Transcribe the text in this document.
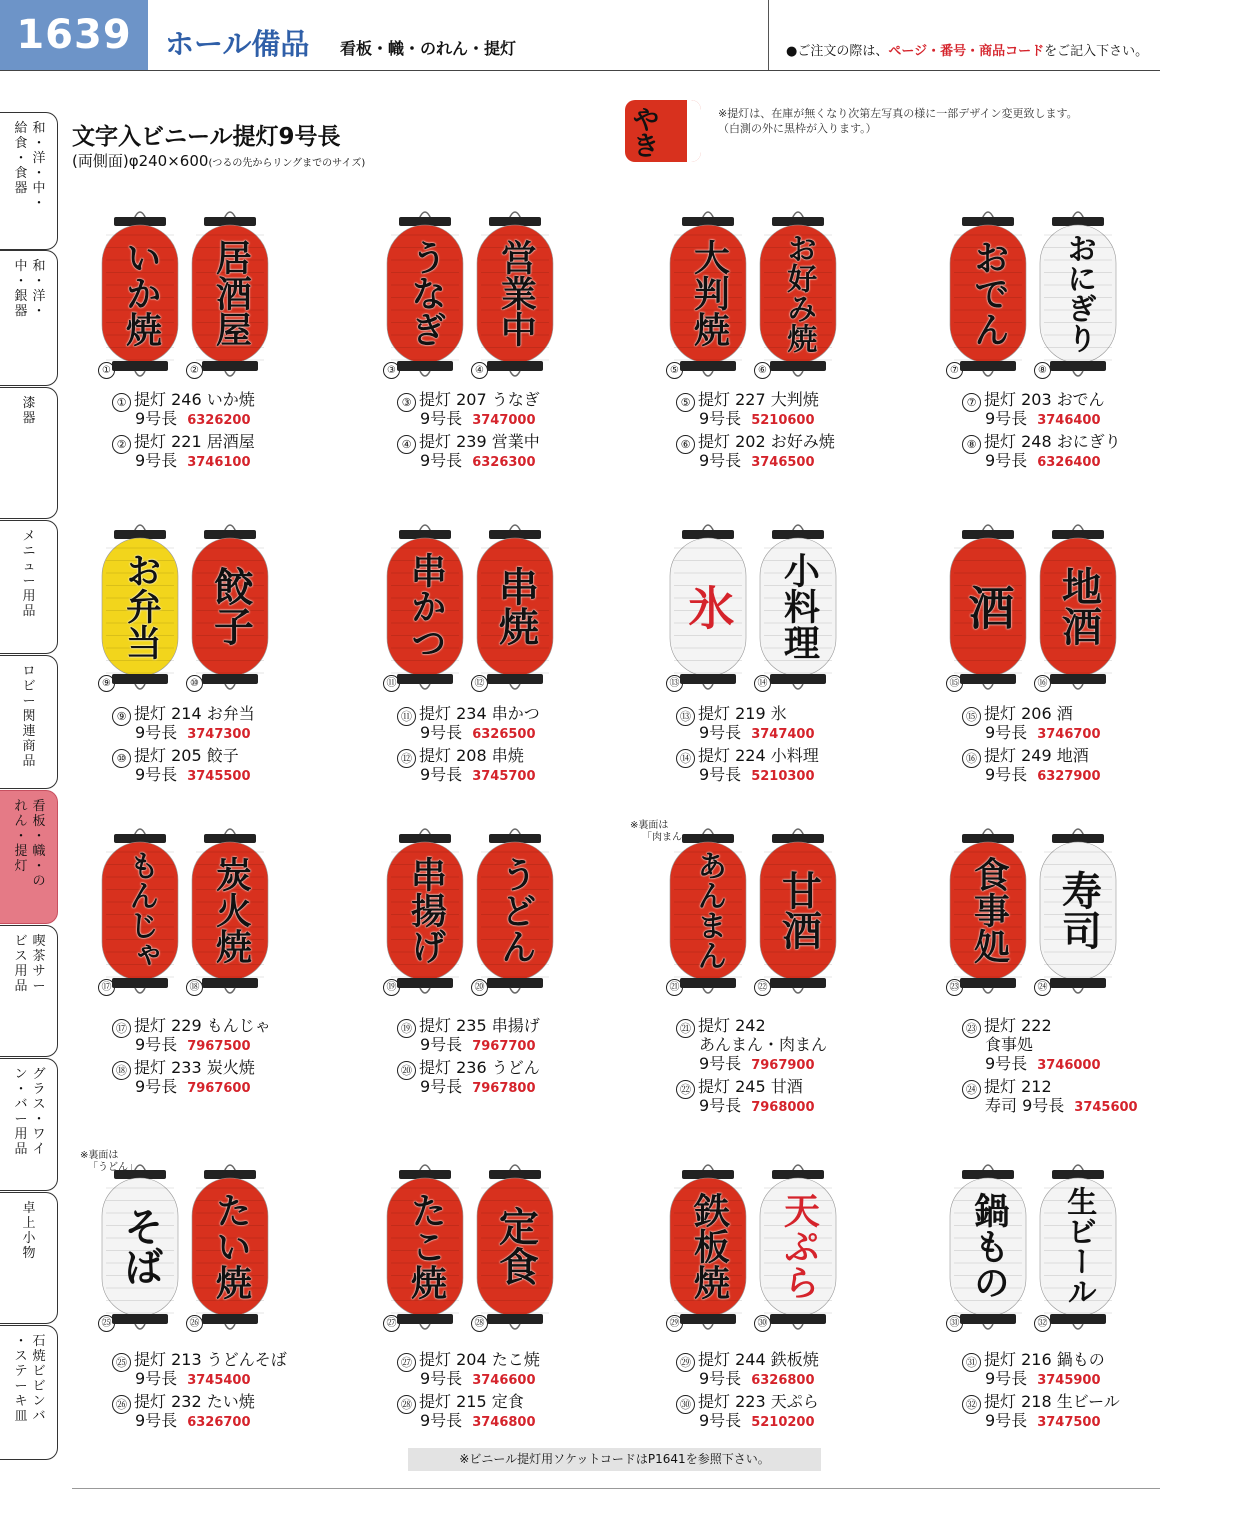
1639	ホール備品 看板・幟・のれん・提灯	●ご注文の際は、ページ・番号・商品コードをご記入下さい。
和
・
洋
・
中
・
給
食
・
食
器
和
・
洋
・
中
・
銀
器
漆
器
メ
ニ
ュ
ー
用
品
ロ
ビ
ー
関
連
商
品
看
板
・
幟
・
の
れ
ん
・
提
灯
喫
茶
サ
ー
ビ
ス
用
品
グ
ラ
ス
・
ワ
イ
ン
・
バ
ー
用
品
卓
上
小
物
石
焼
ビ
ビ
ン
バ
・
ス
テ
ー
キ
皿
文字入ビニール提灯9号長
(両側面)φ240×600(つるの先からリングまでのサイズ)
やき
※提灯は、在庫が無くなり次第左写真の様に一部デザイン変更致します。
（白測の外に黒枠が入ります。）
いか焼
①
居酒屋
②
うなぎ
③
営業中
④
大判焼
⑤
お好み焼
⑥
おでん
⑦
おにぎり
⑧
お弁当
⑨
餃子
⑩
串かつ
⑪
串焼
⑫
氷
⑬
小料理
⑭
酒
⑮
地酒
⑯
もんじゃ
⑰
炭火焼
⑱
串揚げ
⑲
うどん
⑳
あんまん
㉑
甘酒
㉒
食事処
㉓
寿司
㉔
そば
㉕
たい焼
㉖
たこ焼
㉗
定食
㉘
鉄板焼
㉙
天ぷら
㉚
鍋もの
㉛
生ビール
㉜
① 提灯 246 いか焼
9号長 6326200
② 提灯 221 居酒屋
9号長 3746100
③ 提灯 207 うなぎ
9号長 3747000
④ 提灯 239 営業中
9号長 6326300
⑤ 提灯 227 大判焼
9号長 5210600
⑥ 提灯 202 お好み焼
9号長 3746500
⑦ 提灯 203 おでん
9号長 3746400
⑧ 提灯 248 おにぎり
9号長 6326400
⑨ 提灯 214 お弁当
9号長 3747300
⑩ 提灯 205 餃子
9号長 3745500
⑪ 提灯 234 串かつ
9号長 6326500
⑫ 提灯 208 串焼
9号長 3745700
⑬ 提灯 219 氷
9号長 3747400
⑭ 提灯 224 小料理
9号長 5210300
⑮ 提灯 206 酒
9号長 3746700
⑯ 提灯 249 地酒
9号長 6327900
⑰ 提灯 229 もんじゃ
9号長 7967500
⑱ 提灯 233 炭火焼
9号長 7967600
⑲ 提灯 235 串揚げ
9号長 7967700
⑳ 提灯 236 うどん
9号長 7967800
㉑ 提灯 242
あんまん・肉まん
9号長 7967900
㉒ 提灯 245 甘酒
9号長 7968000
㉓ 提灯 222
食事処
9号長 3746000
㉔ 提灯 212
寿司 9号長 3745600
㉕ 提灯 213 うどんそば
9号長 3745400
㉖ 提灯 232 たい焼
9号長 6326700
㉗ 提灯 204 たこ焼
9号長 3746600
㉘ 提灯 215 定食
9号長 3746800
㉙ 提灯 244 鉄板焼
9号長 6326800
㉚ 提灯 223 天ぷら
9号長 5210200
㉛ 提灯 216 鍋もの
9号長 3745900
㉜ 提灯 218 生ビール
9号長 3747500
※裏面は
「肉まん」
※裏面は
「うどん」
※ビニール提灯用ソケットコードはP1641を参照下さい。
